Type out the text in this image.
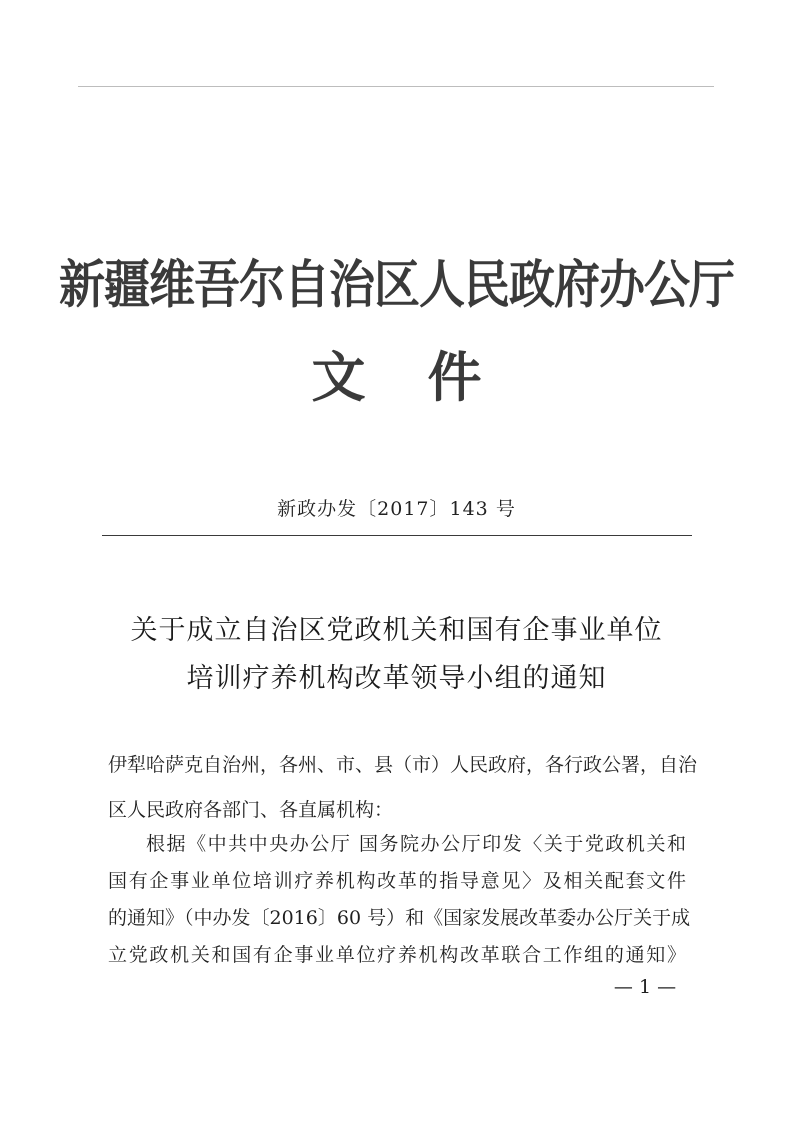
新疆维吾尔自治区人民政府办公厅
文件
新政办发〔2017〕143 号
关于成立自治区党政机关和国有企事业单位
培训疗养机构改革领导小组的通知
伊犁哈萨克自治州，各州、市、县（市）人民政府，各行政公署，自治
区人民政府各部门、各直属机构：
根据《中共中央办公厅 国务院办公厅印发〈关于党政机关和
国有企事业单位培训疗养机构改革的指导意见〉及相关配套文件
的通知》（中办发〔2016〕60 号）和《国家发展改革委办公厅关于成
立党政机关和国有企事业单位疗养机构改革联合工作组的通知》
— 1 —
